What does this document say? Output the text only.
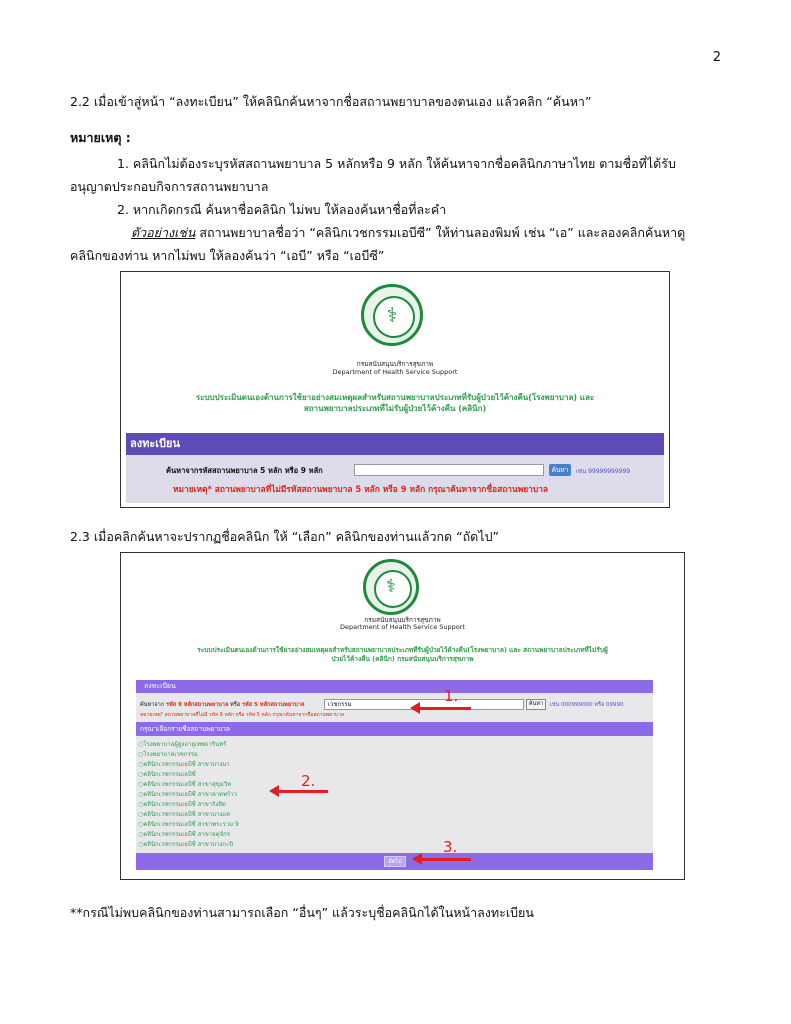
2
2.2 เมื่อเข้าสู่หน้า “ลงทะเบียน” ให้คลินิกค้นหาจากชื่อสถานพยาบาลของตนเอง แล้วคลิก “ค้นหา”
หมายเหตุ :
1. คลินิกไม่ต้องระบุรหัสสถานพยาบาล 5 หลักหรือ 9 หลัก ให้ค้นหาจากชื่อคลินิกภาษาไทย ตามชื่อที่ได้รับ
อนุญาตประกอบกิจการสถานพยาบาล
2. หากเกิดกรณี ค้นหาชื่อคลินิก ไม่พบ ให้ลองค้นหาชื่อที่ละคำ
ตัวอย่างเช่น สถานพยาบาลชื่อว่า “คลินิกเวชกรรมเอบีซี” ให้ท่านลองพิมพ์ เช่น “เอ” และลองคลิกค้นหาดู
คลินิกของท่าน หากไม่พบ ให้ลองค้นว่า “เอบี” หรือ “เอบีซี”
⚕
กรมสนับสนุนบริการสุขภาพ
Department of Health Service Support
ระบบประเมินตนเองด้านการใช้ยาอย่างสมเหตุผลสำหรับสถานพยาบาลประเภทที่รับผู้ป่วยไว้ค้างคืน(โรงพยาบาล) และ
สถานพยาบาลประเภทที่ไม่รับผู้ป่วยไว้ค้างคืน (คลินิก)
ลงทะเบียน
ค้นหาจากรหัสสถานพยาบาล 5 หลัก หรือ 9 หลัก	ค้นหา	เช่น 99999999999
หมายเหตุ* สถานพยาบาลที่ไม่มีรหัสสถานพยาบาล 5 หลัก หรือ 9 หลัก กรุณาค้นหาจากชื่อสถานพยาบาล
2.3 เมื่อคลิกค้นหาจะปรากฏชื่อคลินิก ให้ “เลือก” คลินิกของท่านแล้วกด “ถัดไป”
⚕
กรมสนับสนุนบริการสุขภาพ
Department of Health Service Support
ระบบประเมินตนเองด้านการใช้ยาอย่างสมเหตุผลสำหรับสถานพยาบาลประเภทที่รับผู้ป่วยไว้ค้างคืน(โรงพยาบาล) และ สถานพยาบาลประเภทที่ไม่รับผู้
ป่วยไว้ค้างคืน (คลินิก) กรมสนับสนุนบริการสุขภาพ
ลงทะเบียน
ค้นหาจาก รหัส 9 หลักสถานพยาบาล หรือ รหัส 5 หลักสถานพยาบาล	เวชกรรม	ค้นหา	เช่น 000999000 หรือ 09990
หมายเหตุ* สถานพยาบาลที่ไม่มี รหัส 9 หลัก หรือ รหัส 5 หลัก กรุณาค้นหาจากชื่อสถานพยาบาล
กรุณาเลือกรายชื่อสถานพยาบาล
○โรงพยาบาลผู้สูงอายุเทพธารินทร์
○โรงพยาบาลเวชกรรม
○คลินิกเวชกรรมเอบีซี สาขาบางนา
○คลินิกเวชกรรมเอบีซี
○คลินิกเวชกรรมเอบีซี สาขาสุขุมวิท
○คลินิกเวชกรรมเอบีซี สาขาลาดพร้าว
○คลินิกเวชกรรมเอบีซี สาขารังสิต
○คลินิกเวชกรรมเอบีซี สาขาบางแค
○คลินิกเวชกรรมเอบีซี สาขาพระราม 9
○คลินิกเวชกรรมเอบีซี สาขาจตุจักร
○คลินิกเวชกรรมเอบีซี สาขาบางกะปิ
ถัดไป
1.
2.
3.
**กรณีไม่พบคลินิกของท่านสามารถเลือก “อื่นๆ” แล้วระบุชื่อคลินิกได้ในหน้าลงทะเบียน
